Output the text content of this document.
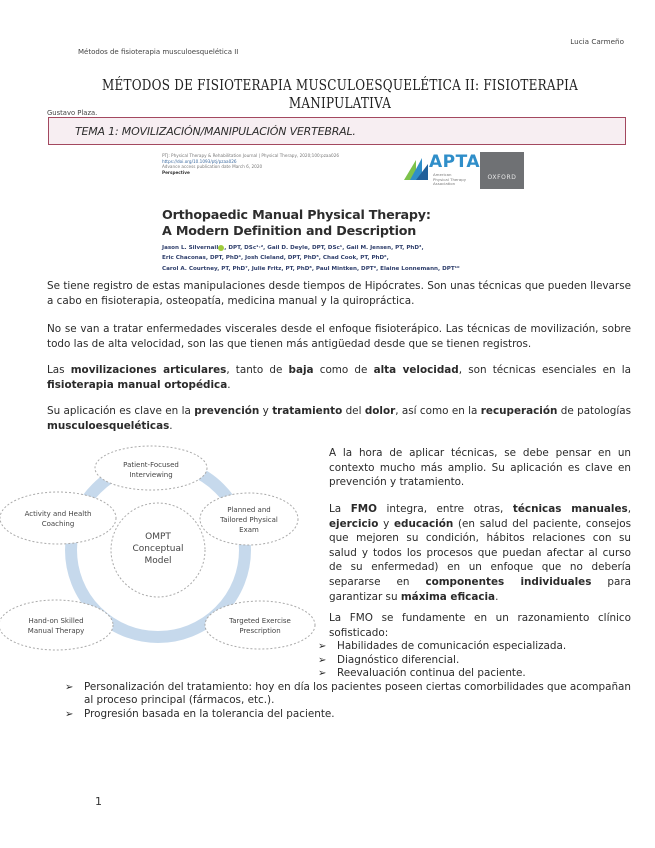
Lucia Carmeño
Métodos de fisioterapia musculoesquelética II
MÉTODOS DE FISIOTERAPIA MUSCULOESQUELÉTICA II: FISIOTERAPIA MANIPULATIVA
Gustavo Plaza.
TEMA 1: MOVILIZACIÓN/MANIPULACIÓN VERTEBRAL.
PTJ: Physical Therapy & Rehabilitation Journal | Physical Therapy, 2020;100:pzaa026
https://doi.org/10.1093/ptj/pzaa026
Advance access publication date March 6, 2020
Perspective	APTA
American
Physical Therapy
Association
OXFORD
Orthopaedic Manual Physical Therapy:
A Modern Definition and Description
Jason L. Silvernail , DPT, DSc¹·², Gail D. Deyle, DPT, DSc¹, Gail M. Jensen, PT, PhD³,
Eric Chaconas, DPT, PhD⁴, Josh Cleland, DPT, PhD⁵, Chad Cook, PT, PhD⁶,
Carol A. Courtney, PT, PhD⁷, Julie Fritz, PT, PhD⁸, Paul Mintken, DPT⁹, Elaine Lonnemann, DPT¹⁰
Se tiene registro de estas manipulaciones desde tiempos de Hipócrates. Son unas técnicas que pueden llevarse a cabo en fisioterapia, osteopatía, medicina manual y la quiropráctica.
No se van a tratar enfermedades viscerales desde el enfoque fisioterápico. Las técnicas de movilización, sobre todo las de alta velocidad, son las que tienen más antigüedad desde que se tienen registros.
Las movilizaciones articulares, tanto de baja como de alta velocidad, son técnicas esenciales en la fisioterapia manual ortopédica.
Su aplicación es clave en la prevención y tratamiento del dolor, así como en la recuperación de patologías musculoesqueléticas.
OMPT
Conceptual
Model
Patient-Focused
Interviewing
Planned and
Tailored Physical
Exam
Targeted Exercise
Prescription
Hand-on Skilled
Manual Therapy
Activity and Health
Coaching
A la hora de aplicar técnicas, se debe pensar en un contexto mucho más amplio. Su aplicación es clave en prevención y tratamiento.
La FMO integra, entre otras, técnicas manuales, ejercicio y educación (en salud del paciente, consejos que mejoren su condición, hábitos relaciones con su salud y todos los procesos que puedan afectar al curso de su enfermedad) en un enfoque que no debería separarse en componentes individuales para garantizar su máxima eficacia.
La FMO se fundamente en un razonamiento clínico sofisticado:
➢ Habilidades de comunicación especializada.
➢ Diagnóstico diferencial.
➢ Reevaluación continua del paciente.
➢ Personalización del tratamiento: hoy en día los pacientes poseen ciertas comorbilidades que acompañan al proceso principal (fármacos, etc.).
➢ Progresión basada en la tolerancia del paciente.
1
